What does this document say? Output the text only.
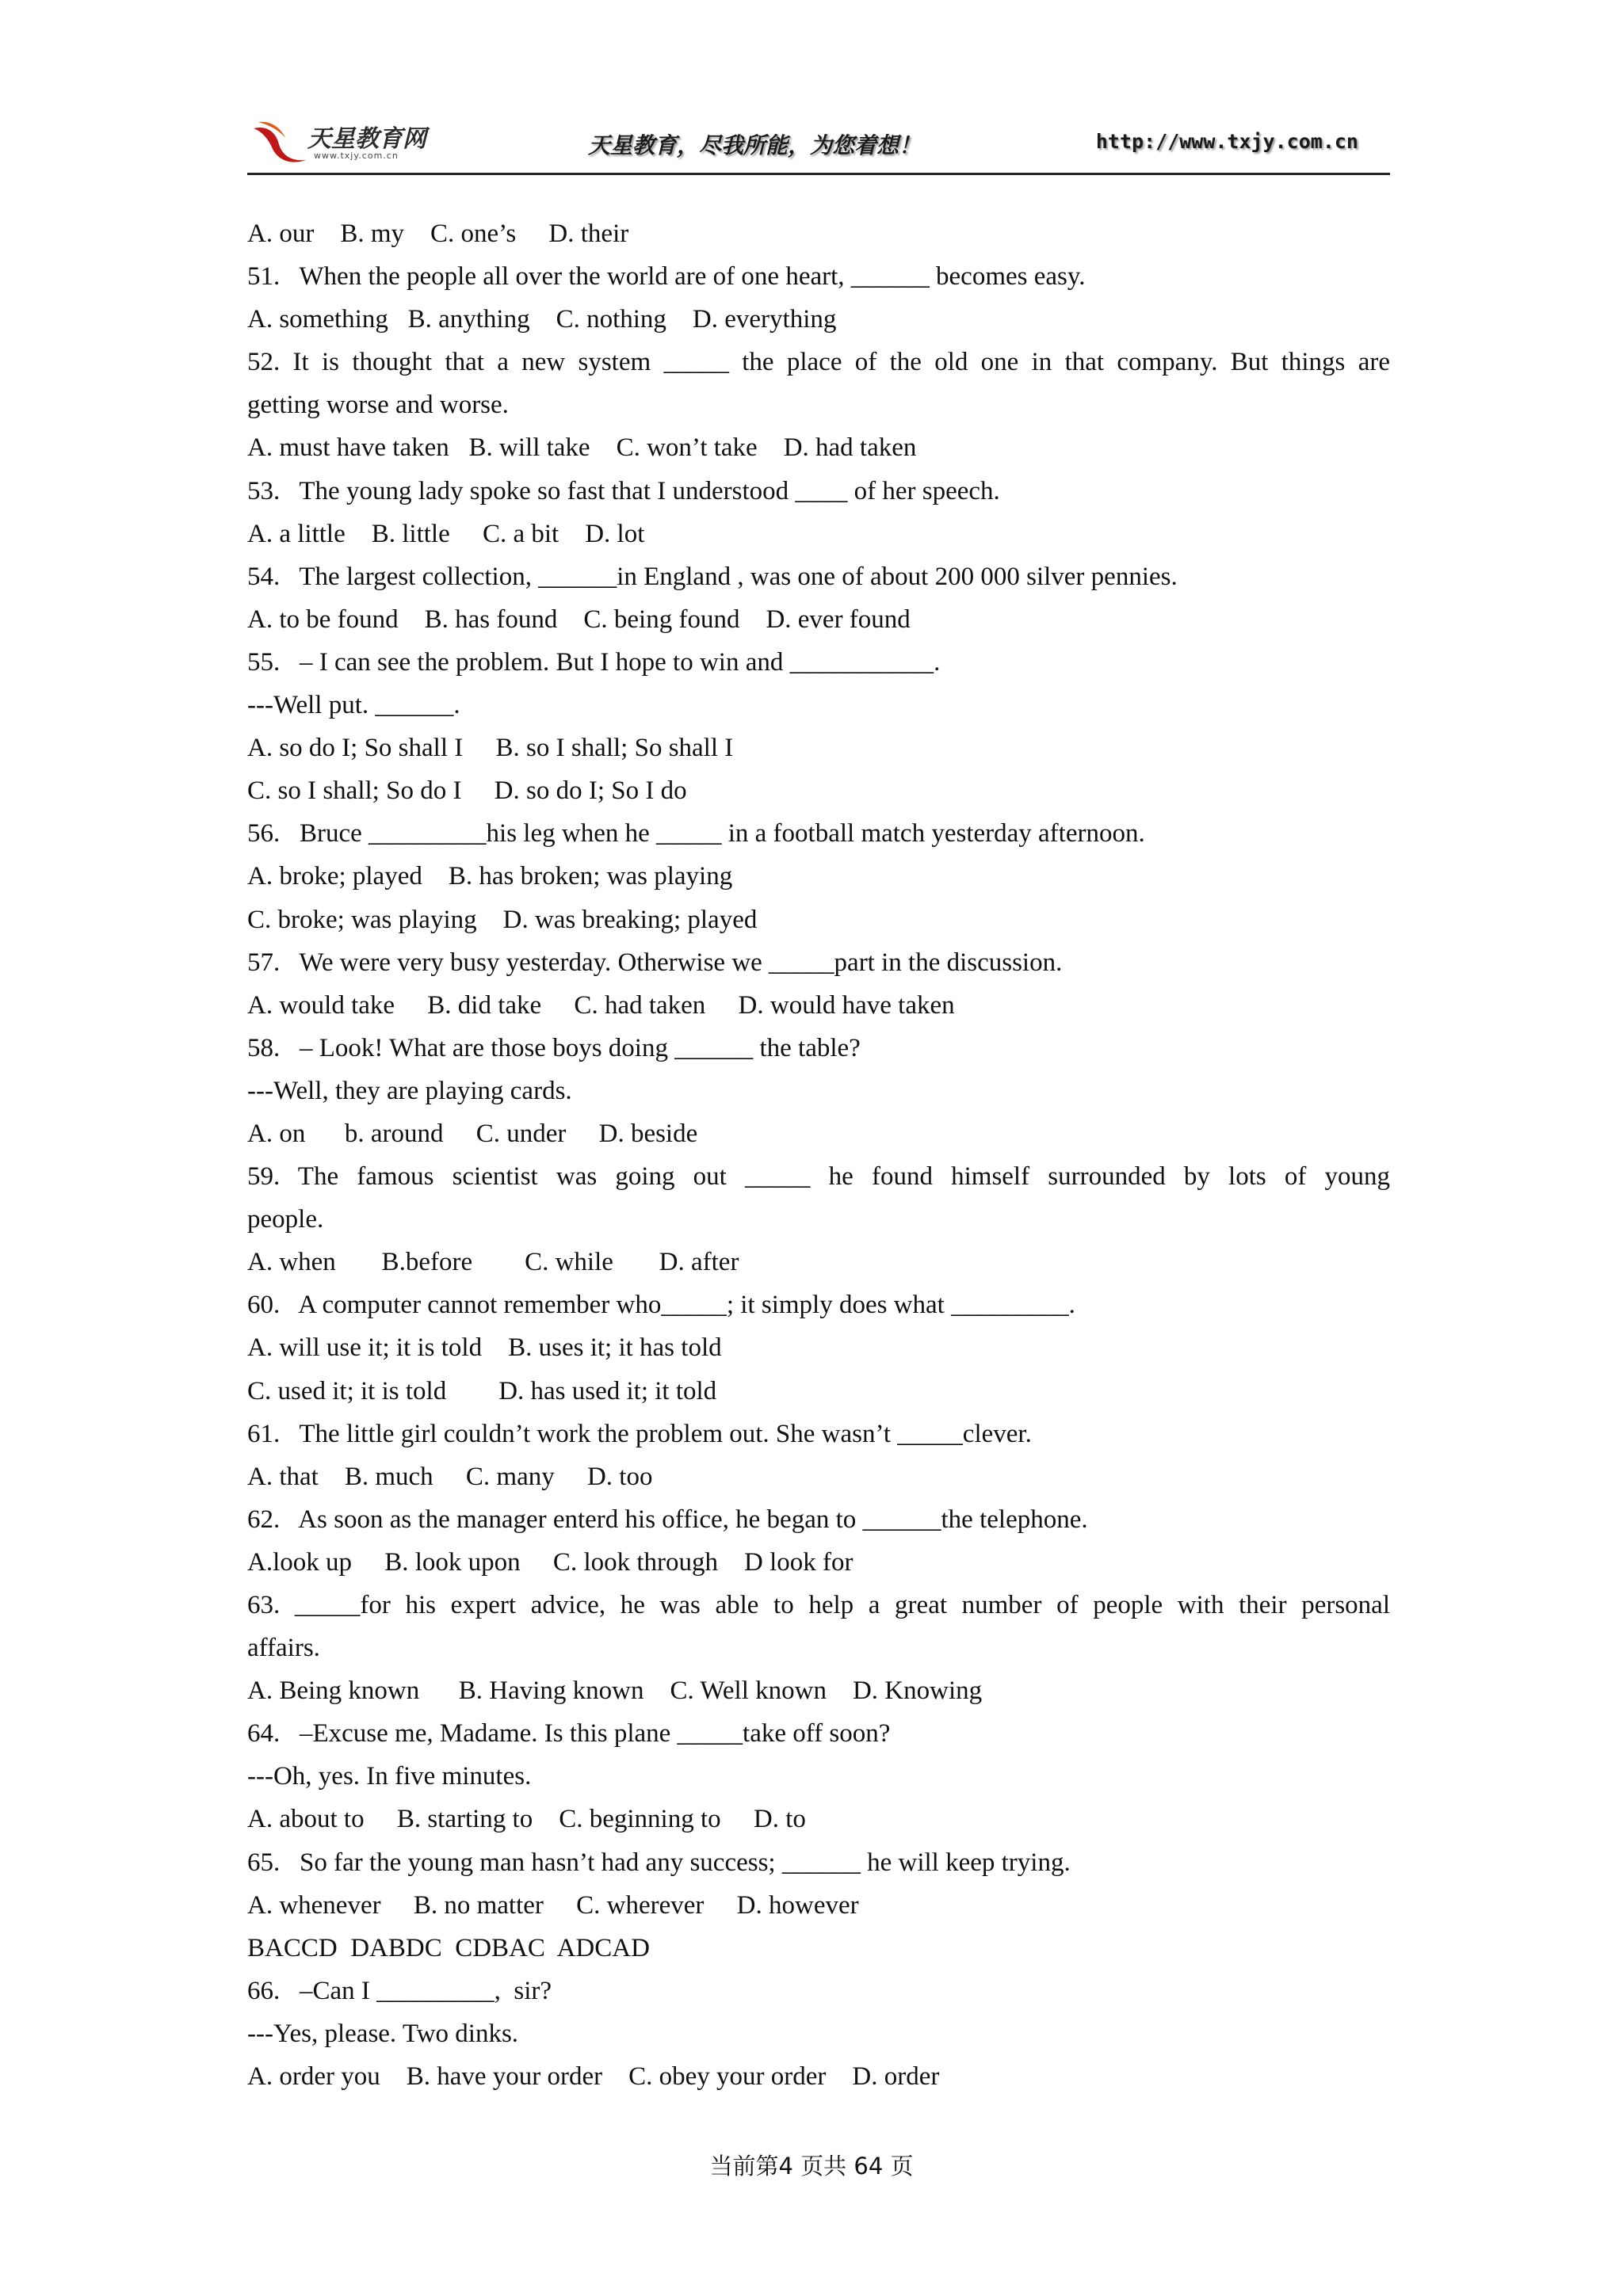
天星教育网
www.txjy.com.cn	天星教育，尽我所能，为您着想！	http://www.txjy.com.cn
A. our    B. my    C. one’s     D. their
51.   When the people all over the world are of one heart, ______ becomes easy.
A. something   B. anything    C. nothing    D. everything
52. It is thought that a new system _____ the place of the old one in that company. But things are
getting worse and worse.
A. must have taken   B. will take    C. won’t take    D. had taken
53.   The young lady spoke so fast that I understood ____ of her speech.
A. a little    B. little     C. a bit    D. lot
54.   The largest collection, ______in England , was one of about 200 000 silver pennies.
A. to be found    B. has found    C. being found    D. ever found
55.   – I can see the problem. But I hope to win and ___________.
---Well put. ______.
A. so do I; So shall I     B. so I shall; So shall I
C. so I shall; So do I     D. so do I; So I do
56.   Bruce _________his leg when he _____ in a football match yesterday afternoon.
A. broke; played    B. has broken; was playing
C. broke; was playing    D. was breaking; played
57.   We were very busy yesterday. Otherwise we _____part in the discussion.
A. would take     B. did take     C. had taken     D. would have taken
58.   – Look! What are those boys doing ______ the table?
---Well, they are playing cards.
A. on      b. around     C. under     D. beside
59. The famous scientist was going out _____ he found himself surrounded by lots of young
people.
A. when       B.before        C. while       D. after
60.   A computer cannot remember who_____; it simply does what _________.
A. will use it; it is told    B. uses it; it has told
C. used it; it is told        D. has used it; it told
61.   The little girl couldn’t work the problem out. She wasn’t _____clever.
A. that    B. much     C. many     D. too
62.   As soon as the manager enterd his office, he began to ______the telephone.
A.look up     B. look upon     C. look through    D look for
63. _____for his expert advice, he was able to help a great number of people with their personal
affairs.
A. Being known      B. Having known    C. Well known    D. Knowing
64.   –Excuse me, Madame. Is this plane _____take off soon?
---Oh, yes. In five minutes.
A. about to     B. starting to    C. beginning to     D. to
65.   So far the young man hasn’t had any success; ______ he will keep trying.
A. whenever     B. no matter     C. wherever     D. however
BACCD  DABDC  CDBAC  ADCAD
66.   –Can I _________,  sir?
---Yes, please. Two dinks.
A. order you    B. have your order    C. obey your order    D. order
当前第4 页共 64 页
